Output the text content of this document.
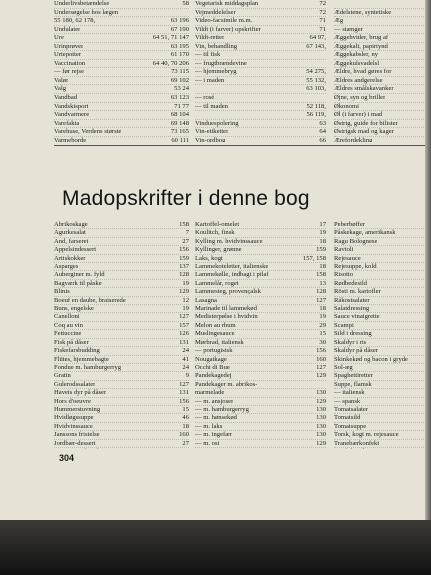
Underlivsbetændelse	58
Undersøgelse hos lægen
55 180, 62 178,	63 196
Undulater	67 190
Ure	64 51, 71 147
Urinprøver	63 195
Urtepotter	61 170
Vaccination	64 40, 70 206
— før rejse	73 115
Valør	69 102
Valg	53 24
Vandbad	63 123
Vandskisport	71 77
Vandvarmere	68 104
Varefakta	69 148
Varehuse, Verdens største	73 165
Varmeborde	60 111
Vegetarisk middagsplan	72
Vejmeddelelser	72
Video-facsimile m.m.	71
Vildt (i farver) opskrifter	71
Vildt-retter	64 97,
Vin, behandling	67 143,
— til fisk
— frugtbrændevine
— hjemmebryg	54 275,
— i maden	55 132,
63 103,
— rosé
— til maden	52 118,
56 119,
Vinduespolering	63
Vin-etiketter	64
Vin-ordbog	66
Ædelstene, syntetiske
Æg
— stænger
Æggehvider, brug af
Æggekalt, papirtynd
Æggekabsler, ny
Æggekulsvadelsl
Ældre, hvad gøres for
Ældres andgerelse
Ældres smålskavanker
Øjne, syn og briller
Økonomi
Øl (i farver) i mad
Østrig, guide for bilister
Østrigsk mad og kager
Ærefordekling
Madopskrifter i denne bog
Abrikoskage	158
Agurkesalat	7
And, farseret	27
Appelsindessert	156
Artiskokker	159
Asparges	137
Auberginer m. fyld	128
Bagværk til påske	19
Blinis	129
Boeuf en daube, braiserede	12
Buns, engelske	19
Canelloni	127
Coq au vin	157
Fettuccine	126
Fisk på dåser	131
Fiskefarsbudding	24
Flütes, hjemmebagte	41
Fondue m. hamburgerryg	24
Gratin	9
Gulerodssalater	127
Havets dyr på dåser	131
Hors d'oeuvre	156
Hummerstuvning	15
Hvidløgssuppe	46
Hvidvinssauce	18
Janssons fristelse	160
Jordbær-dessert	27
Kartoffel-omelet	17
Koulitch, finsk	19
Kylling m. hvidvinssauce	18
Kyllinger, grønne	159
Laks, kogt	157, 158
Lammekoteletter, italienske	18
Lammekølle, indbagt i pilaf	158
Lammelår, roget	13
Lammesteg, provençalsk	128
Lasagna	127
Marinade til lammekød	18
Medisterpølse i hvidvin	19
Melon au rhum	29
Muslingesauce	15
Mørbrad, italiensk	30
— portugisisk	156
Nougatkage	160
Occhi di Bue	127
Pandekagedej	129
Pandekager m. abrikos-
marmelade	130
— m. ansjoser	129
— m. hamburgerryg	130
— m. hønsekød	130
— m. laks	130
— m. ingefær	130
— m. ost	129
Peberbøffer
Påskekage, amerikansk
Ragu Bolognese
Ravioli
Rejesauce
Rejesuppe, kold
Risotto
Rødbedesild
Rösti m. kartofler
Råkostsalater
Salatdressing
Sauce vinaigrette
Scampi
Sild i dressing
Skaldyr i ris
Skaldyr på dåser
Skinkekød og bacon i gryde
Sol-æg
Spaghettiretter
Suppe, flamsk
— italiensk
— spansk
Tomatsalater
Tomatsild
Tomatsuppe
Torsk, kogt m. rejesauce
Tranebærkonfekt
304
